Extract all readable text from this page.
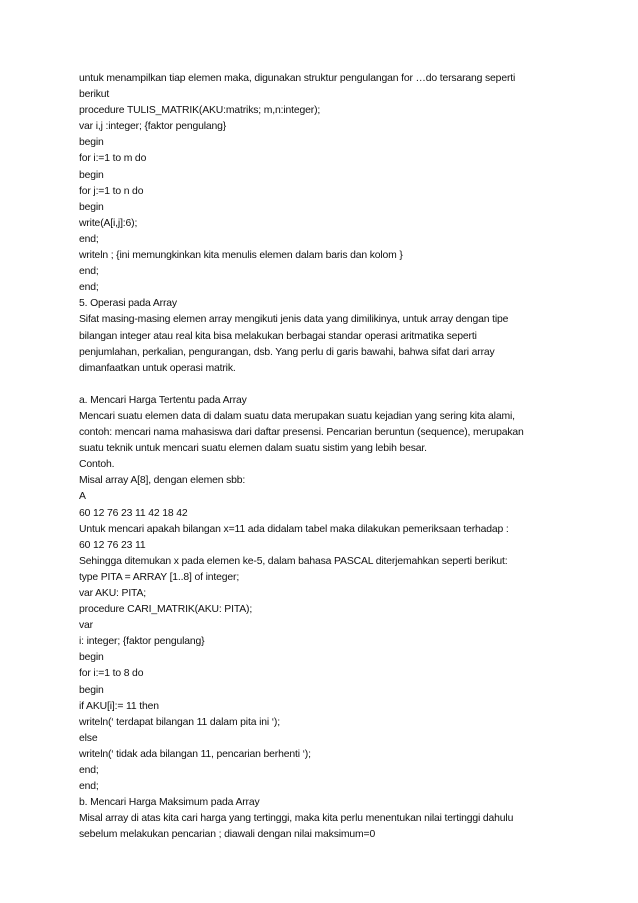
untuk menampilkan tiap elemen maka, digunakan struktur pengulangan for …do tersarang seperti
berikut
procedure TULIS_MATRIK(AKU:matriks; m,n:integer);
var i,j :integer; {faktor pengulang}
begin
for i:=1 to m do
begin
for j:=1 to n do
begin
write(A[i,j]:6);
end;
writeln ; {ini memungkinkan kita menulis elemen dalam baris dan kolom }
end;
end;
5. Operasi pada Array
Sifat masing-masing elemen array mengikuti jenis data yang dimilikinya, untuk array dengan tipe
bilangan integer atau real kita bisa melakukan berbagai standar operasi aritmatika seperti
penjumlahan, perkalian, pengurangan, dsb. Yang perlu di garis bawahi, bahwa sifat dari array
dimanfaatkan untuk operasi matrik.
a. Mencari Harga Tertentu pada Array
Mencari suatu elemen data di dalam suatu data merupakan suatu kejadian yang sering kita alami,
contoh: mencari nama mahasiswa dari daftar presensi. Pencarian beruntun (sequence), merupakan
suatu teknik untuk mencari suatu elemen dalam suatu sistim yang lebih besar.
Contoh.
Misal array A[8], dengan elemen sbb:
A
60 12 76 23 11 42 18 42
Untuk mencari apakah bilangan x=11 ada didalam tabel maka dilakukan pemeriksaan terhadap :
60 12 76 23 11
Sehingga ditemukan x pada elemen ke-5, dalam bahasa PASCAL diterjemahkan seperti berikut:
type PITA = ARRAY [1..8] of integer;
var AKU: PITA;
procedure CARI_MATRIK(AKU: PITA);
var
i: integer; {faktor pengulang}
begin
for i:=1 to 8 do
begin
if AKU[i]:= 11 then
writeln(‘ terdapat bilangan 11 dalam pita ini ‘);
else
writeln(‘ tidak ada bilangan 11, pencarian berhenti ‘);
end;
end;
b. Mencari Harga Maksimum pada Array
Misal array di atas kita cari harga yang tertinggi, maka kita perlu menentukan nilai tertinggi dahulu
sebelum melakukan pencarian ; diawali dengan nilai maksimum=0
